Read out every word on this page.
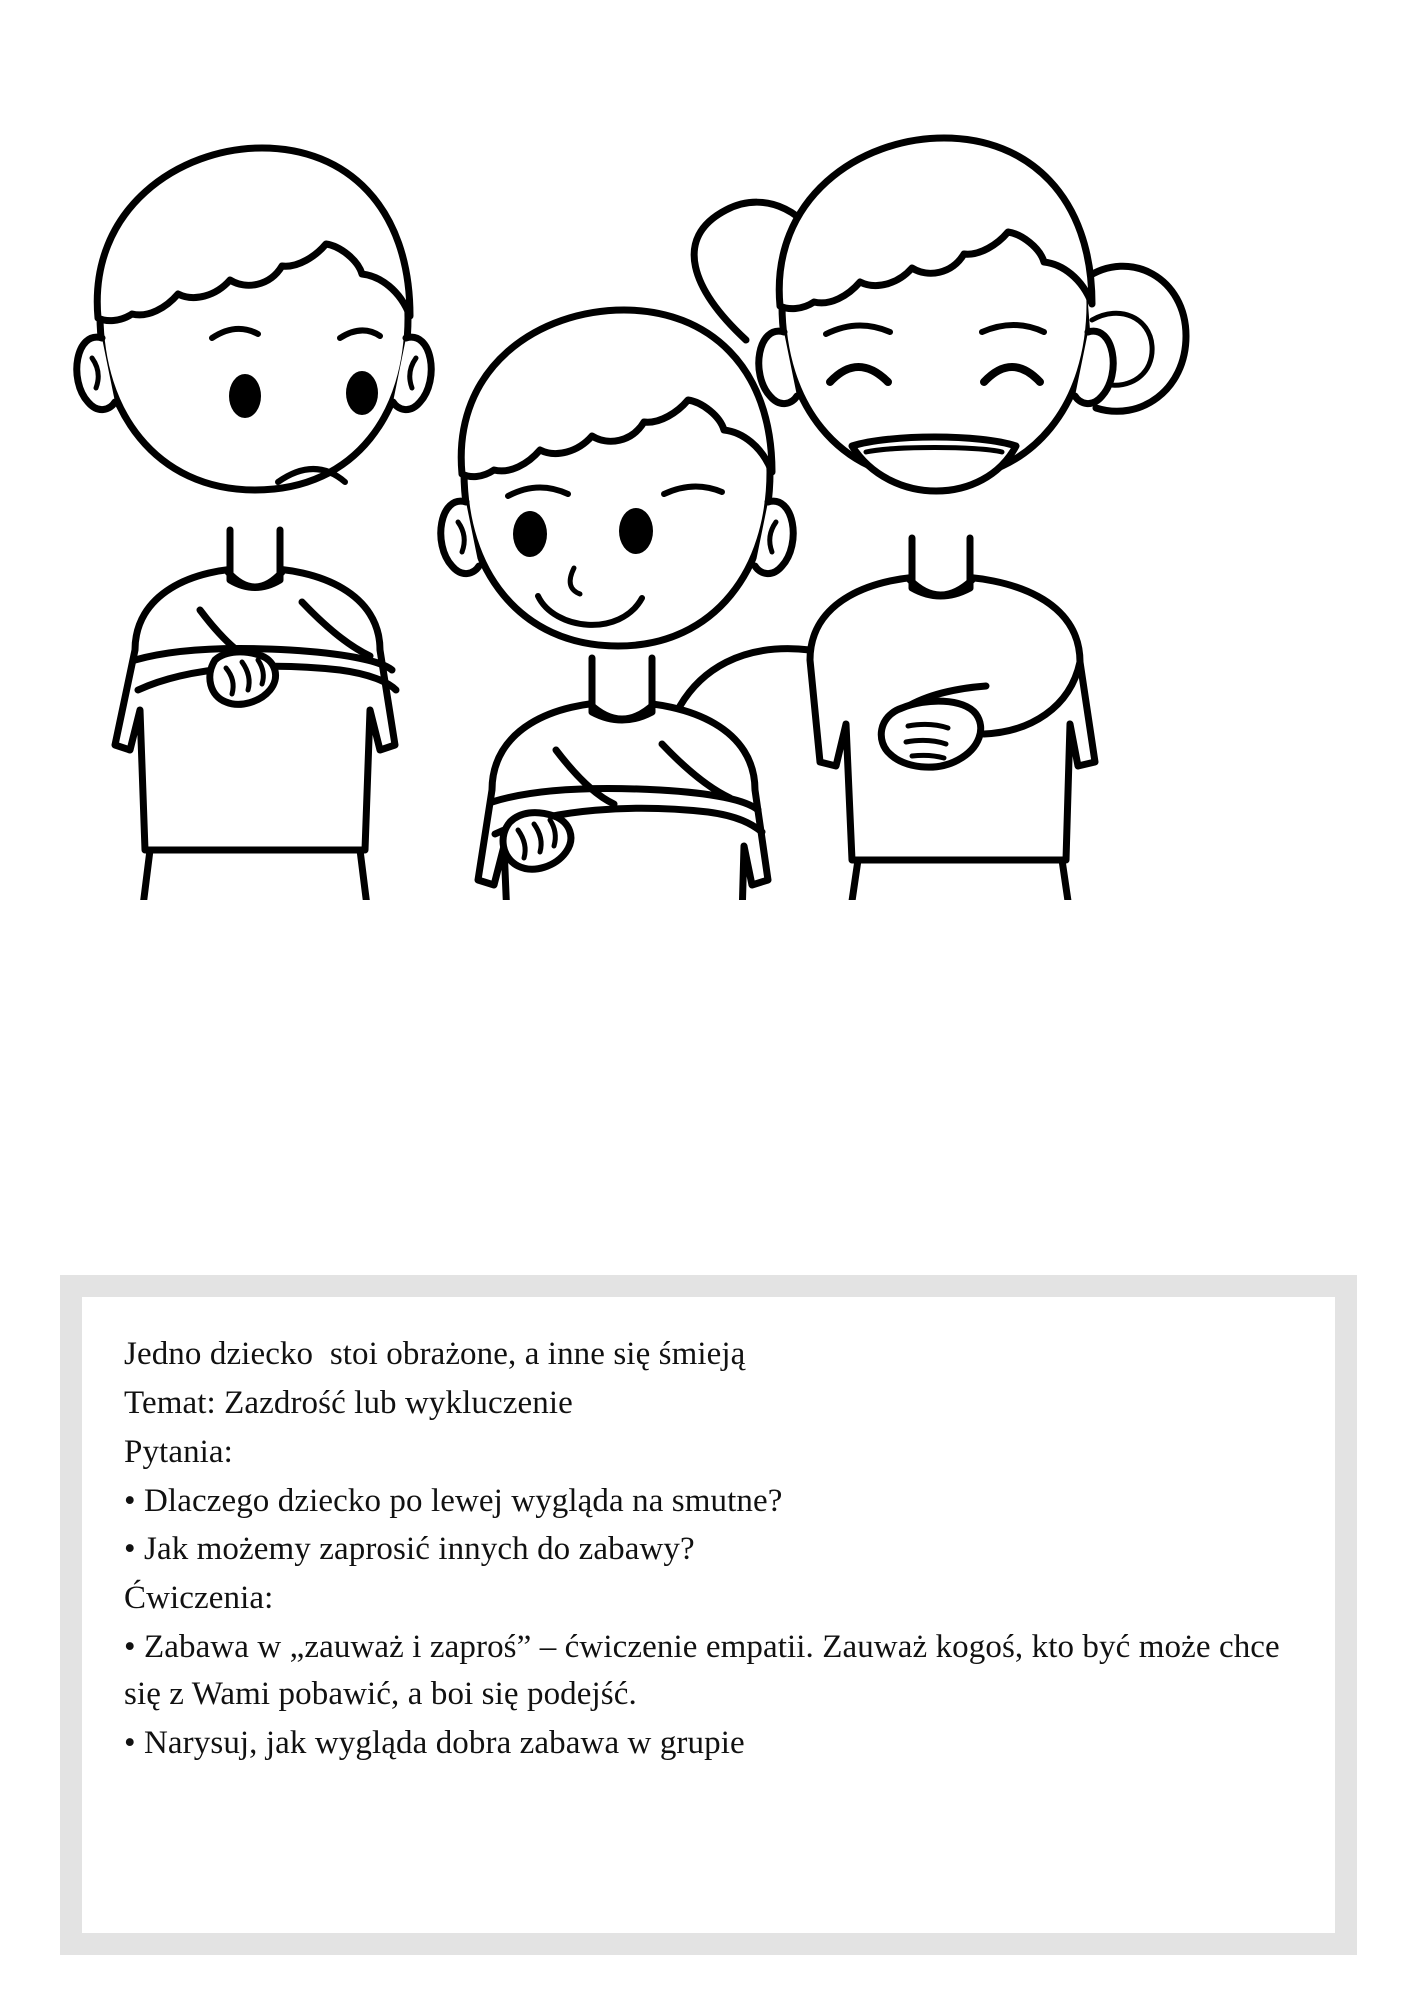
Jedno dziecko  stoi obrażone, a inne się śmieją

Temat: Zazdrość lub wykluczenie

Pytania:

• Dlaczego dziecko po lewej wygląda na smutne?

• Jak możemy zaprosić innych do zabawy?

Ćwiczenia:

• Zabawa w „zauważ i zaproś” – ćwiczenie empatii. Zauważ kogoś, kto być może chce się z Wami pobawić, a boi się podejść.

• Narysuj, jak wygląda dobra zabawa w grupie
